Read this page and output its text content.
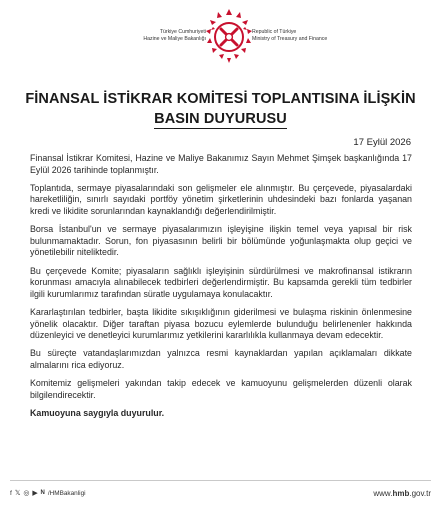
Türkiye Cumhuriyeti
Hazine ve Maliye Bakanlığı
Republic of Türkiye
Ministry of Treasury and Finance
FİNANSAL İSTİKRAR KOMİTESİ TOPLANTISINA İLİŞKİN
BASIN DUYURUSU
17 Eylül 2026

Finansal İstikrar Komitesi, Hazine ve Maliye Bakanımız Sayın Mehmet Şimşek başkanlığında 17 Eylül 2026 tarihinde toplanmıştır.

Toplantıda, sermaye piyasalarındaki son gelişmeler ele alınmıştır. Bu çerçevede, piyasalardaki hareketliliğin, sınırlı sayıdaki portföy yönetim şirketlerinin uhdesindeki bazı fonlarda yaşanan kredi ve likidite sorunlarından kaynaklandığı değerlendirilmiştir.

Borsa İstanbul'un ve sermaye piyasalarımızın işleyişine ilişkin temel veya yapısal bir risk bulunmamaktadır. Sorun, fon piyasasının belirli bir bölümünde yoğunlaşmakta olup geçici ve yönetilebilir niteliktedir.

Bu çerçevede Komite; piyasaların sağlıklı işleyişinin sürdürülmesi ve makrofinansal istikrarın korunması amacıyla alınabilecek tedbirleri değerlendirmiştir. Bu kapsamda gerekli tüm tedbirler ilgili kurumlarımız tarafından süratle uygulamaya konulacaktır.

Kararlaştırılan tedbirler, başta likidite sıkışıklığının giderilmesi ve bulaşma riskinin önlenmesine yönelik olacaktır. Diğer taraftan piyasa bozucu eylemlerde bulunduğu belirlenenler hakkında düzenleyici ve denetleyici kurumlarımız yetkilerini kararlılıkla kullanmaya devam edecektir.

Bu süreçte vatandaşlarımızdan yalnızca resmi kaynaklardan yapılan açıklamaları dikkate almalarını rica ediyoruz.

Komitemiz gelişmeleri yakından takip edecek ve kamuoyunu gelişmelerden düzenli olarak bilgilendirecektir.

Kamuoyuna saygıyla duyurulur.

f 𝕏 ◎ ▶ N /HMBakanligi	www.hmb.gov.tr
